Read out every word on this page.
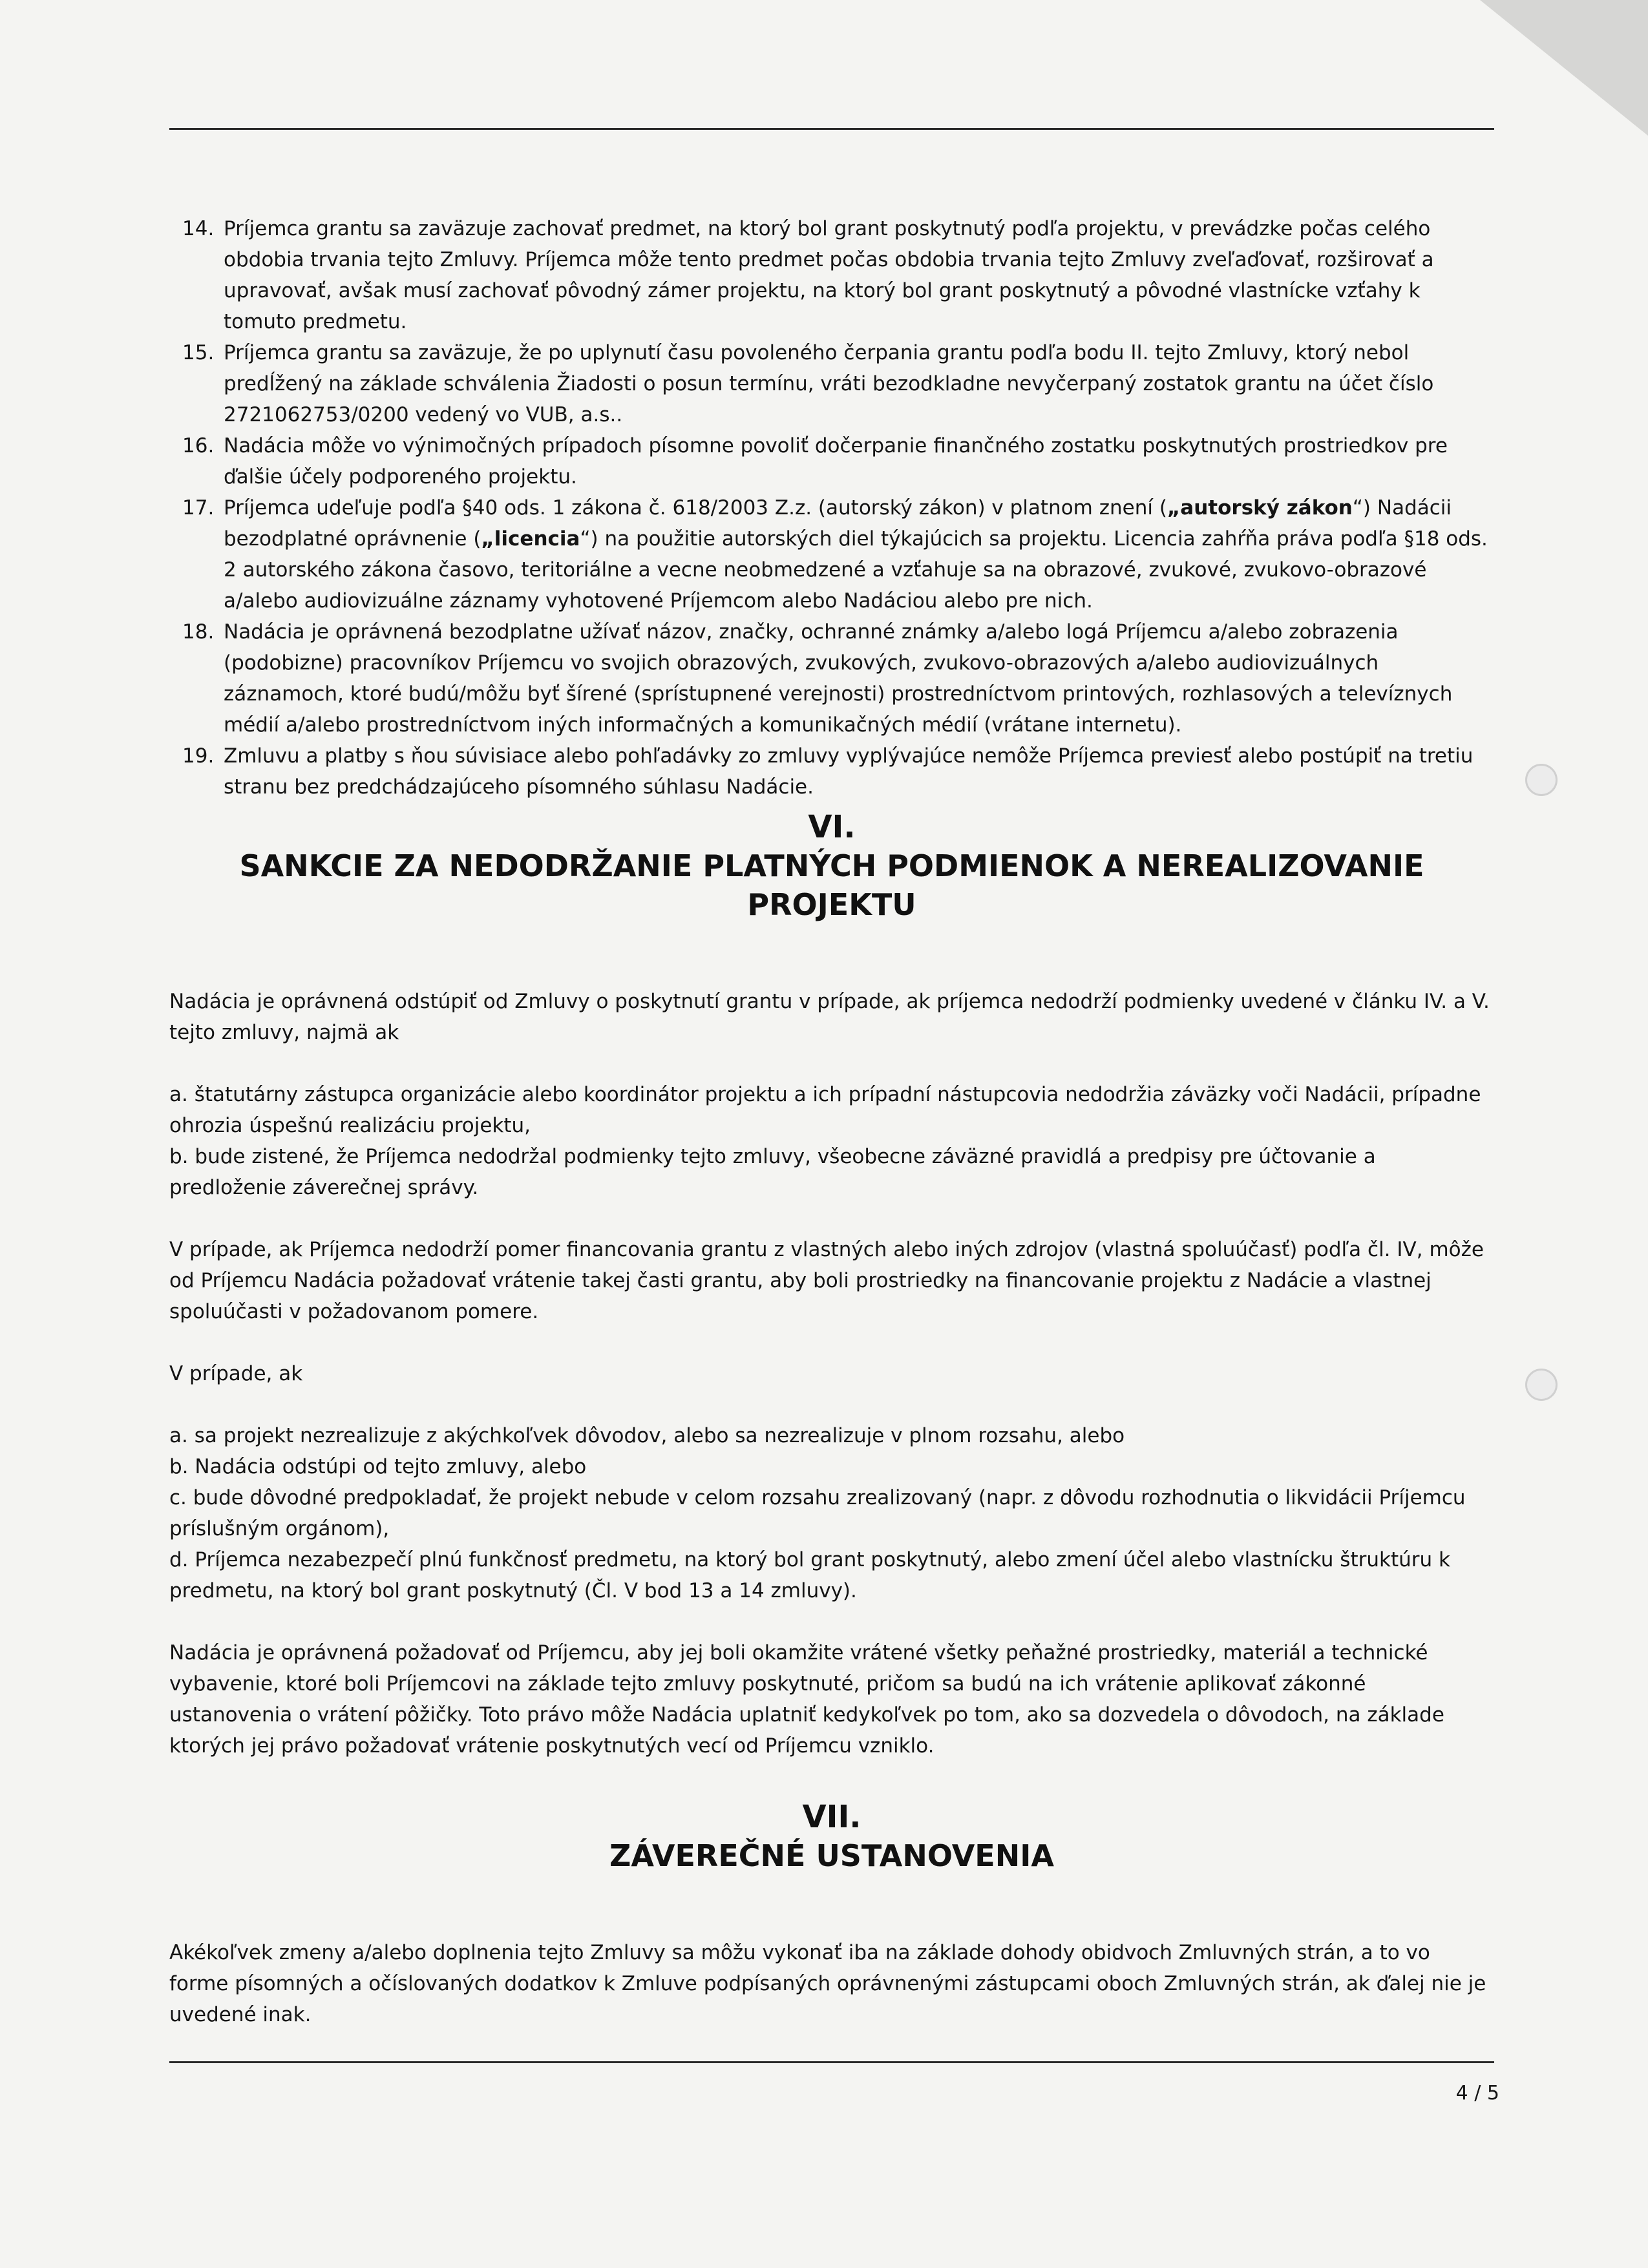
14. Príjemca grantu sa zaväzuje zachovať predmet, na ktorý bol grant poskytnutý podľa projektu, v prevádzke počas celého obdobia trvania tejto Zmluvy. Príjemca môže tento predmet počas obdobia trvania tejto Zmluvy zveľaďovať, rozširovať a upravovať, avšak musí zachovať pôvodný zámer projektu, na ktorý bol grant poskytnutý a pôvodné vlastnícke vzťahy k tomuto predmetu.
15. Príjemca grantu sa zaväzuje, že po uplynutí času povoleného čerpania grantu podľa bodu II. tejto Zmluvy, ktorý nebol predĺžený na základe schválenia Žiadosti o posun termínu, vráti bezodkladne nevyčerpaný zostatok grantu na účet číslo 2721062753/0200 vedený vo VUB, a.s..
16. Nadácia môže vo výnimočných prípadoch písomne povoliť dočerpanie finančného zostatku poskytnutých prostriedkov pre ďalšie účely podporeného projektu.
17. Príjemca udeľuje podľa §40 ods. 1 zákona č. 618/2003 Z.z. (autorský zákon) v platnom znení („autorský zákon“) Nadácii bezodplatné oprávnenie („licencia“) na použitie autorských diel týkajúcich sa projektu. Licencia zahŕňa práva podľa §18 ods. 2 autorského zákona časovo, teritoriálne a vecne neobmedzené a vzťahuje sa na obrazové, zvukové, zvukovo-obrazové a/alebo audiovizuálne záznamy vyhotovené Príjemcom alebo Nadáciou alebo pre nich.
18. Nadácia je oprávnená bezodplatne užívať názov, značky, ochranné známky a/alebo logá Príjemcu a/alebo zobrazenia (podobizne) pracovníkov Príjemcu vo svojich obrazových, zvukových, zvukovo-obrazových a/alebo audiovizuálnych záznamoch, ktoré budú/môžu byť šírené (sprístupnené verejnosti) prostredníctvom printových, rozhlasových a televíznych médií a/alebo prostredníctvom iných informačných a komunikačných médií (vrátane internetu).
19. Zmluvu a platby s ňou súvisiace alebo pohľadávky zo zmluvy vyplývajúce nemôže Príjemca previesť alebo postúpiť na tretiu stranu bez predchádzajúceho písomného súhlasu Nadácie.
VI.
SANKCIE ZA NEDODRŽANIE PLATNÝCH PODMIENOK A NEREALIZOVANIE
PROJEKTU

Nadácia je oprávnená odstúpiť od Zmluvy o poskytnutí grantu v prípade, ak príjemca nedodrží podmienky uvedené v článku IV. a V. tejto zmluvy, najmä ak

a. štatutárny zástupca organizácie alebo koordinátor projektu a ich prípadní nástupcovia nedodržia záväzky voči Nadácii, prípadne ohrozia úspešnú realizáciu projektu,

b. bude zistené, že Príjemca nedodržal podmienky tejto zmluvy, všeobecne záväzné pravidlá a predpisy pre účtovanie a predloženie záverečnej správy.

V prípade, ak Príjemca nedodrží pomer financovania grantu z vlastných alebo iných zdrojov (vlastná spoluúčasť) podľa čl. IV, môže od Príjemcu Nadácia požadovať vrátenie takej časti grantu, aby boli prostriedky na financovanie projektu z Nadácie a vlastnej spoluúčasti v požadovanom pomere.

V prípade, ak

a. sa projekt nezrealizuje z akýchkoľvek dôvodov, alebo sa nezrealizuje v plnom rozsahu, alebo

b. Nadácia odstúpi od tejto zmluvy, alebo

c. bude dôvodné predpokladať, že projekt nebude v celom rozsahu zrealizovaný (napr. z dôvodu rozhodnutia o likvidácii Príjemcu príslušným orgánom),

d. Príjemca nezabezpečí plnú funkčnosť predmetu, na ktorý bol grant poskytnutý, alebo zmení účel alebo vlastnícku štruktúru k predmetu, na ktorý bol grant poskytnutý (Čl. V bod 13 a 14 zmluvy).

Nadácia je oprávnená požadovať od Príjemcu, aby jej boli okamžite vrátené všetky peňažné prostriedky, materiál a technické vybavenie, ktoré boli Príjemcovi na základe tejto zmluvy poskytnuté, pričom sa budú na ich vrátenie aplikovať zákonné ustanovenia o vrátení pôžičky. Toto právo môže Nadácia uplatniť kedykoľvek po tom, ako sa dozvedela o dôvodoch, na základe ktorých jej právo požadovať vrátenie poskytnutých vecí od Príjemcu vzniklo.

VII.
ZÁVEREČNÉ USTANOVENIA

Akékoľvek zmeny a/alebo doplnenia tejto Zmluvy sa môžu vykonať iba na základe dohody obidvoch Zmluvných strán, a to vo forme písomných a očíslovaných dodatkov k Zmluve podpísaných oprávnenými zástupcami obоch Zmluvných strán, ak ďalej nie je uvedené inak.

4 / 5
